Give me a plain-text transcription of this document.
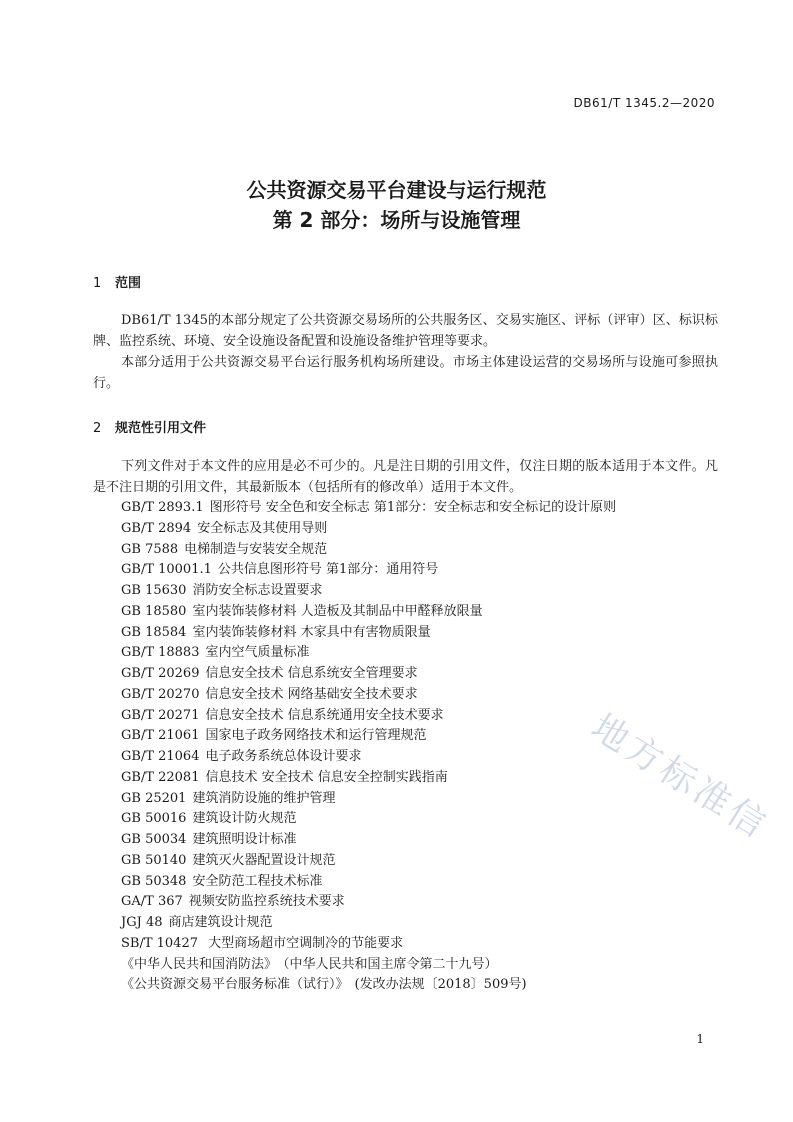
DB61/T 1345.2—2020
公共资源交易平台建设与运行规范
第 2 部分：场所与设施管理
1 范围

DB61/T 1345的本部分规定了公共资源交易场所的公共服务区、交易实施区、评标（评审）区、标识标牌、监控系统、环境、安全设施设备配置和设施设备维护管理等要求。

本部分适用于公共资源交易平台运行服务机构场所建设。市场主体建设运营的交易场所与设施可参照执行。

2 规范性引用文件

下列文件对于本文件的应用是必不可少的。凡是注日期的引用文件，仅注日期的版本适用于本文件。凡是不注日期的引用文件，其最新版本（包括所有的修改单）适用于本文件。

GB/T 2893.1 图形符号 安全色和安全标志 第1部分：安全标志和安全标记的设计原则
GB/T 2894 安全标志及其使用导则
GB 7588 电梯制造与安装安全规范
GB/T 10001.1 公共信息图形符号 第1部分：通用符号
GB 15630 消防安全标志设置要求
GB 18580 室内装饰装修材料 人造板及其制品中甲醛释放限量
GB 18584 室内装饰装修材料 木家具中有害物质限量
GB/T 18883 室内空气质量标准
GB/T 20269 信息安全技术 信息系统安全管理要求
GB/T 20270 信息安全技术 网络基础安全技术要求
GB/T 20271 信息安全技术 信息系统通用安全技术要求
GB/T 21061 国家电子政务网络技术和运行管理规范
GB/T 21064 电子政务系统总体设计要求
GB/T 22081 信息技术 安全技术 信息安全控制实践指南
GB 25201 建筑消防设施的维护管理
GB 50016 建筑设计防火规范
GB 50034 建筑照明设计标准
GB 50140 建筑灭火器配置设计规范
GB 50348 安全防范工程技术标准
GA/T 367 视频安防监控系统技术要求
JGJ 48 商店建筑设计规范
SB/T 10427 大型商场超市空调制冷的节能要求
《中华人民共和国消防法》 （中华人民共和国主席令第二十九号）
《公共资源交易平台服务标准（试行）》 (发改办法规〔2018〕509号)
地方标准信
1
